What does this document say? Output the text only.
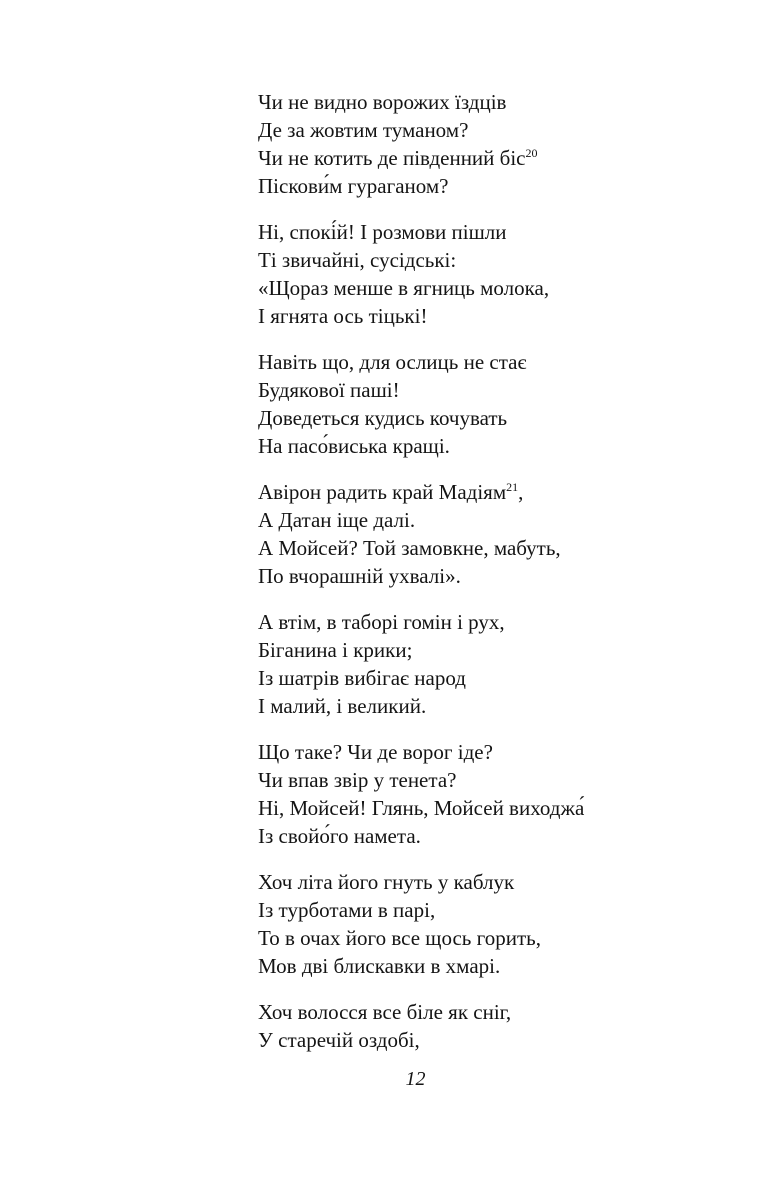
Чи не видно ворожих їздців
Де за жовтим туманом?
Чи не котить де південний біс$^{20}$
Піскови́м гураганом?
Ні, спокі́й! І розмови пішли
Ті звичайні, сусідські:
«Щораз менше в ягниць молока,
І ягнята ось тіцькі!
Навіть що, для ослиць не стає
Будякової паші!
Доведеться кудись кочувать
На пасо́виська кращі.
Авірон радить край Мадіям$^{21}$,
А Датан іще далі.
А Мойсей? Той замовкне, мабуть,
По вчорашній ухвалі».
А втім, в таборі гомін і рух,
Біганина і крики;
Із шатрів вибігає народ
І малий, і великий.
Що таке? Чи де ворог іде?
Чи впав звір у тенета?
Ні, Мойсей! Глянь, Мойсей виходжа́
Із свойо́го намета.
Хоч літа його гнуть у каблук
Із турботами в парі,
То в очах його все щось горить,
Мов дві блискавки в хмарі.
Хоч волосся все біле як сніг,
У старечій оздобі,
12
